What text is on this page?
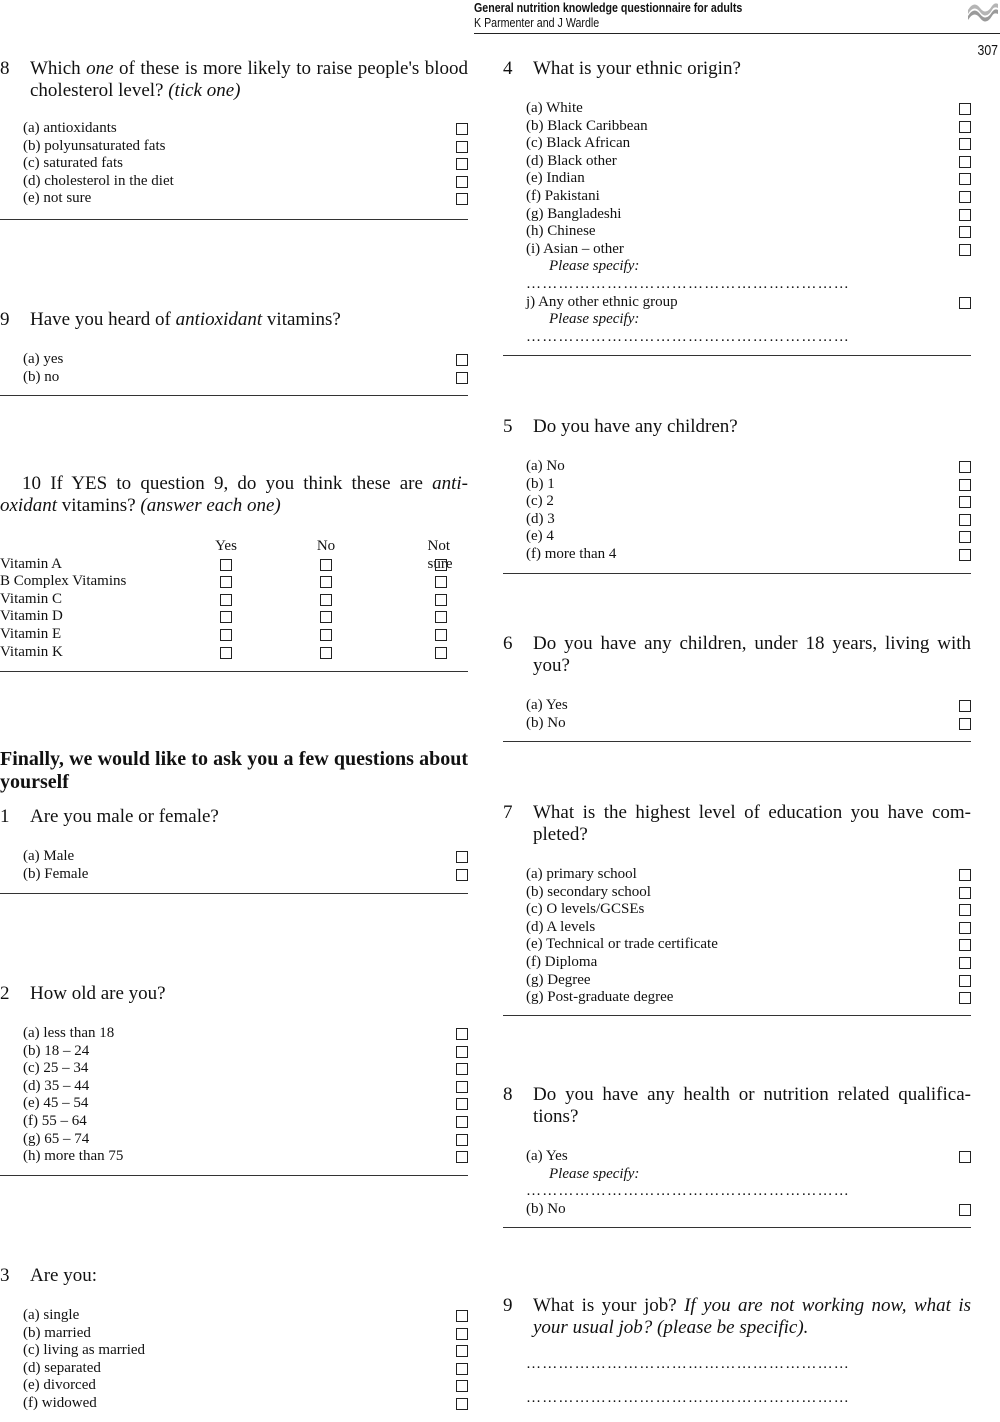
General nutrition knowledge questionnaire for adults
K Parmenter and J Wardle
307
8 Which one of these is more likely to raise people's blood cholesterol level? (tick one)
(a) antioxidants
(b) polyunsaturated fats
(c) saturated fats
(d) cholesterol in the diet
(e) not sure
9 Have you heard of antioxidant vitamins?
(a) yes
(b) no
10 If YES to question 9, do you think these are anti-oxidant vitamins? (answer each one)
Yes	No	Not sure
Vitamin A
B Complex Vitamins
Vitamin C
Vitamin D
Vitamin E
Vitamin K
Finally, we would like to ask you a few questions about yourself
1 Are you male or female?
(a) Male
(b) Female
2 How old are you?
(a) less than 18
(b) 18 – 24
(c) 25 – 34
(d) 35 – 44
(e) 45 – 54
(f) 55 – 64
(g) 65 – 74
(h) more than 75
3 Are you:
(a) single
(b) married
(c) living as married
(d) separated
(e) divorced
(f) widowed
4 What is your ethnic origin?
(a) White
(b) Black Caribbean
(c) Black African
(d) Black other
(e) Indian
(f) Pakistani
(g) Bangladeshi
(h) Chinese
(i) Asian – other
Please specify:
……………………………………………………
j) Any other ethnic group
Please specify:
……………………………………………………
5 Do you have any children?
(a) No
(b) 1
(c) 2
(d) 3
(e) 4
(f) more than 4
6 Do you have any children, under 18 years, living with you?
(a) Yes
(b) No
7 What is the highest level of education you have com-pleted?
(a) primary school
(b) secondary school
(c) O levels/GCSEs
(d) A levels
(e) Technical or trade certificate
(f) Diploma
(g) Degree
(g) Post-graduate degree
8 Do you have any health or nutrition related qualifica-tions?
(a) Yes
Please specify:
……………………………………………………
(b) No
9 What is your job? If you are not working now, what is your usual job? (please be specific).
……………………………………………………
……………………………………………………
